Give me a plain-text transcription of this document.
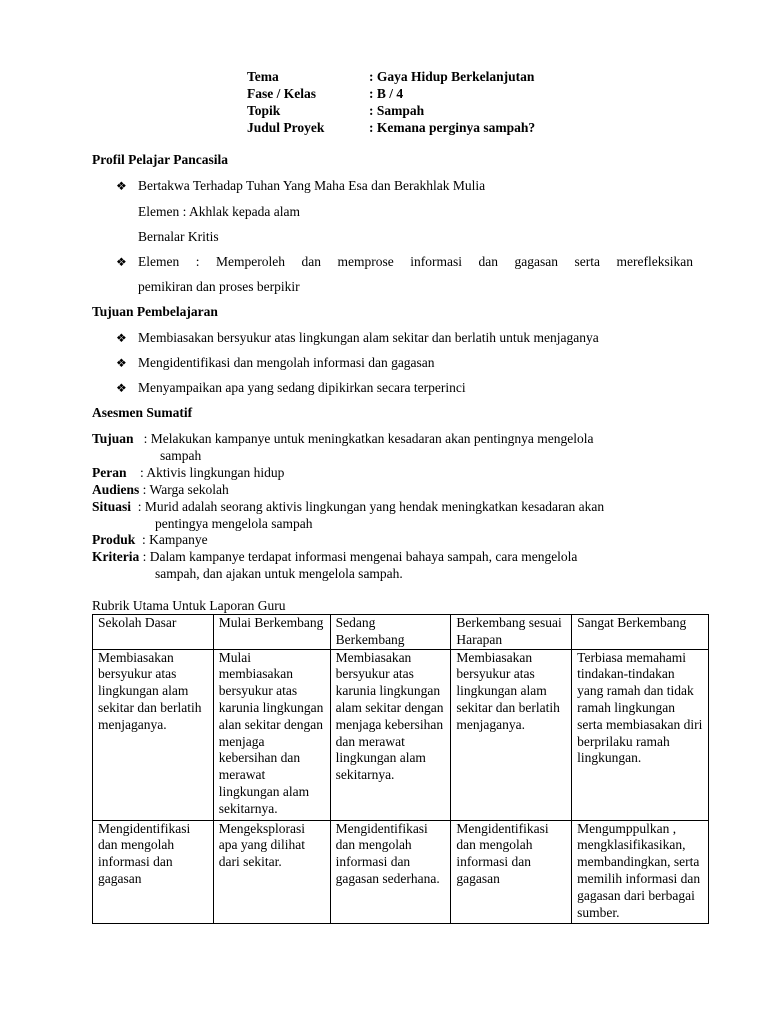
Tema	: Gaya Hidup Berkelanjutan
Fase / Kelas	: B / 4
Topik	: Sampah
Judul Proyek	: Kemana perginya sampah?
Profil Pelajar Pancasila
❖ Bertakwa Terhadap Tuhan Yang Maha Esa dan Berakhlak Mulia
Elemen : Akhlak kepada alam
Bernalar Kritis
❖ Elemen : Memperoleh dan memprose informasi dan gagasan serta merefleksikan
pemikiran dan proses berpikir
Tujuan Pembelajaran
❖ Membiasakan bersyukur atas lingkungan alam sekitar dan berlatih untuk menjaganya
❖ Mengidentifikasi dan mengolah informasi dan gagasan
❖ Menyampaikan apa yang sedang dipikirkan secara terperinci
Asesmen Sumatif
Tujuan : Melakukan kampanye untuk meningkatkan kesadaran akan pentingnya mengelola
sampah
Peran : Aktivis lingkungan hidup
Audiens : Warga sekolah
Situasi : Murid adalah seorang aktivis lingkungan yang hendak meningkatkan kesadaran akan
pentingya mengelola sampah
Produk : Kampanye
Kriteria : Dalam kampanye terdapat informasi mengenai bahaya sampah, cara mengelola
sampah, dan ajakan untuk mengelola sampah.
Rubrik Utama Untuk Laporan Guru
Sekolah Dasar	Mulai Berkembang	Sedang Berkembang	Berkembang sesuai Harapan	Sangat Berkembang
Membiasakan bersyukur atas lingkungan alam sekitar dan berlatih menjaganya.	Mulai membiasakan bersyukur atas karunia lingkungan alan sekitar dengan menjaga kebersihan dan merawat lingkungan alam sekitarnya.	Membiasakan bersyukur atas karunia lingkungan alam sekitar dengan menjaga kebersihan dan merawat lingkungan alam sekitarnya.	Membiasakan bersyukur atas lingkungan alam sekitar dan berlatih menjaganya.	Terbiasa memahami tindakan-tindakan yang ramah dan tidak ramah lingkungan serta membiasakan diri berprilaku ramah lingkungan.
Mengidentifikasi dan mengolah informasi dan gagasan	Mengeksplorasi apa yang dilihat dari sekitar.	Mengidentifikasi dan mengolah informasi dan gagasan sederhana.	Mengidentifikasi dan mengolah informasi dan gagasan	Mengumppulkan , mengklasifikasikan, membandingkan, serta memilih informasi dan gagasan dari berbagai sumber.
